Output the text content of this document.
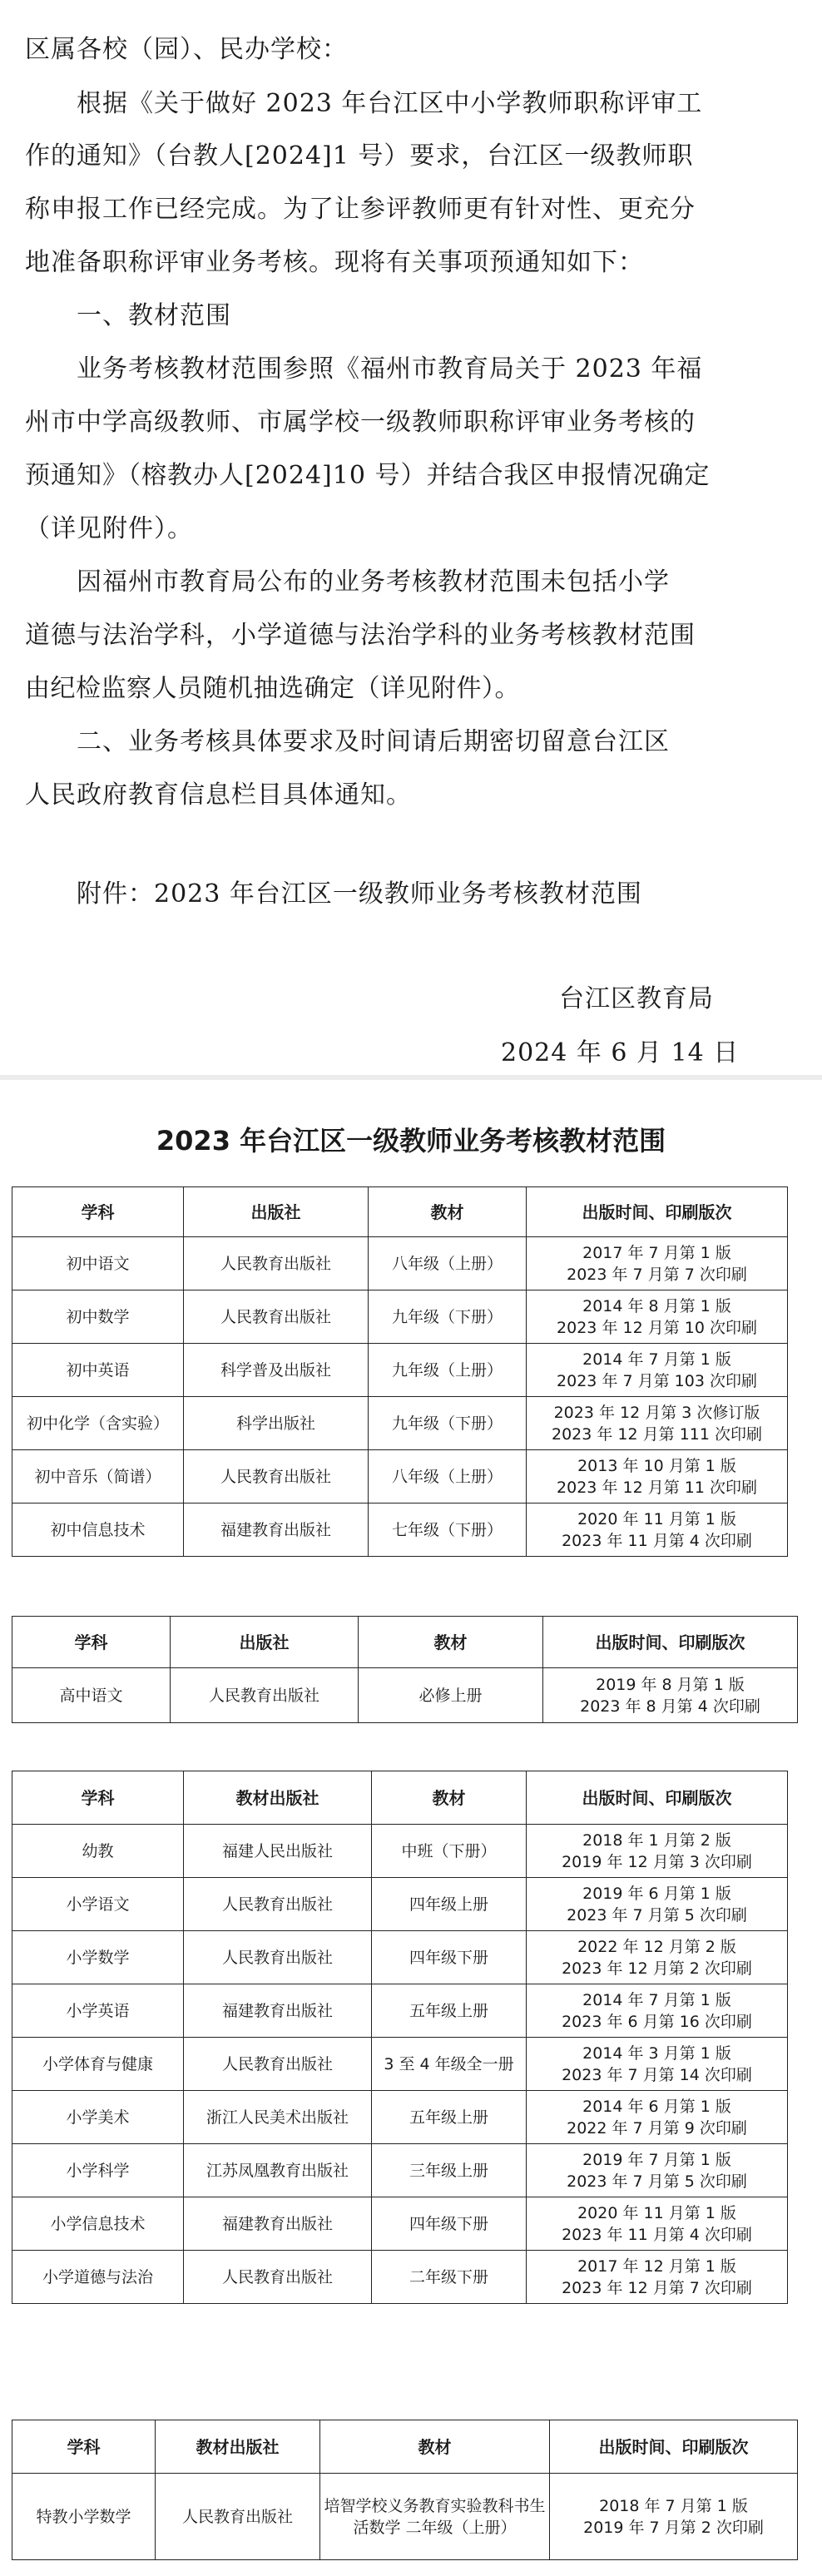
区属各校（园）、民办学校：
根据《关于做好 2023 年台江区中小学教师职称评审工
作的通知》（台教人[2024]1 号）要求，台江区一级教师职
称申报工作已经完成。为了让参评教师更有针对性、更充分
地准备职称评审业务考核。现将有关事项预通知如下：
一、教材范围
业务考核教材范围参照《福州市教育局关于 2023 年福
州市中学高级教师、市属学校一级教师职称评审业务考核的
预通知》（榕教办人[2024]10 号）并结合我区申报情况确定
（详见附件）。
因福州市教育局公布的业务考核教材范围未包括小学
道德与法治学科，小学道德与法治学科的业务考核教材范围
由纪检监察人员随机抽选确定（详见附件）。
二、业务考核具体要求及时间请后期密切留意台江区
人民政府教育信息栏目具体通知。
附件：2023 年台江区一级教师业务考核教材范围
台江区教育局
2024 年 6 月 14 日
2023 年台江区一级教师业务考核教材范围
学科	出版社	教材	出版时间、印刷版次
初中语文	人民教育出版社	八年级（上册）	2017 年 7 月第 1 版
2023 年 7 月第 7 次印刷

初中数学	人民教育出版社	九年级（下册）	2014 年 8 月第 1 版
2023 年 12 月第 10 次印刷

初中英语	科学普及出版社	九年级（上册）	2014 年 7 月第 1 版
2023 年 7 月第 103 次印刷

初中化学（含实验）	科学出版社	九年级（下册）	2023 年 12 月第 3 次修订版
2023 年 12 月第 111 次印刷

初中音乐（简谱）	人民教育出版社	八年级（上册）	2013 年 10 月第 1 版
2023 年 12 月第 11 次印刷

初中信息技术	福建教育出版社	七年级（下册）	2020 年 11 月第 1 版
2023 年 11 月第 4 次印刷
学科	出版社	教材	出版时间、印刷版次
高中语文	人民教育出版社	必修上册	2019 年 8 月第 1 版
2023 年 8 月第 4 次印刷
学科	教材出版社	教材	出版时间、印刷版次
幼教	福建人民出版社	中班（下册）	2018 年 1 月第 2 版
2019 年 12 月第 3 次印刷

小学语文	人民教育出版社	四年级上册	2019 年 6 月第 1 版
2023 年 7 月第 5 次印刷

小学数学	人民教育出版社	四年级下册	2022 年 12 月第 2 版
2023 年 12 月第 2 次印刷

小学英语	福建教育出版社	五年级上册	2014 年 7 月第 1 版
2023 年 6 月第 16 次印刷

小学体育与健康	人民教育出版社	3 至 4 年级全一册	2014 年 3 月第 1 版
2023 年 7 月第 14 次印刷

小学美术	浙江人民美术出版社	五年级上册	2014 年 6 月第 1 版
2022 年 7 月第 9 次印刷

小学科学	江苏凤凰教育出版社	三年级上册	2019 年 7 月第 1 版
2023 年 7 月第 5 次印刷

小学信息技术	福建教育出版社	四年级下册	2020 年 11 月第 1 版
2023 年 11 月第 4 次印刷

小学道德与法治	人民教育出版社	二年级下册	2017 年 12 月第 1 版
2023 年 12 月第 7 次印刷
学科	教材出版社	教材	出版时间、印刷版次
特教小学数学	人民教育出版社	培智学校义务教育实验教科书生活数学 二年级（上册）	2018 年 7 月第 1 版
2019 年 7 月第 2 次印刷
